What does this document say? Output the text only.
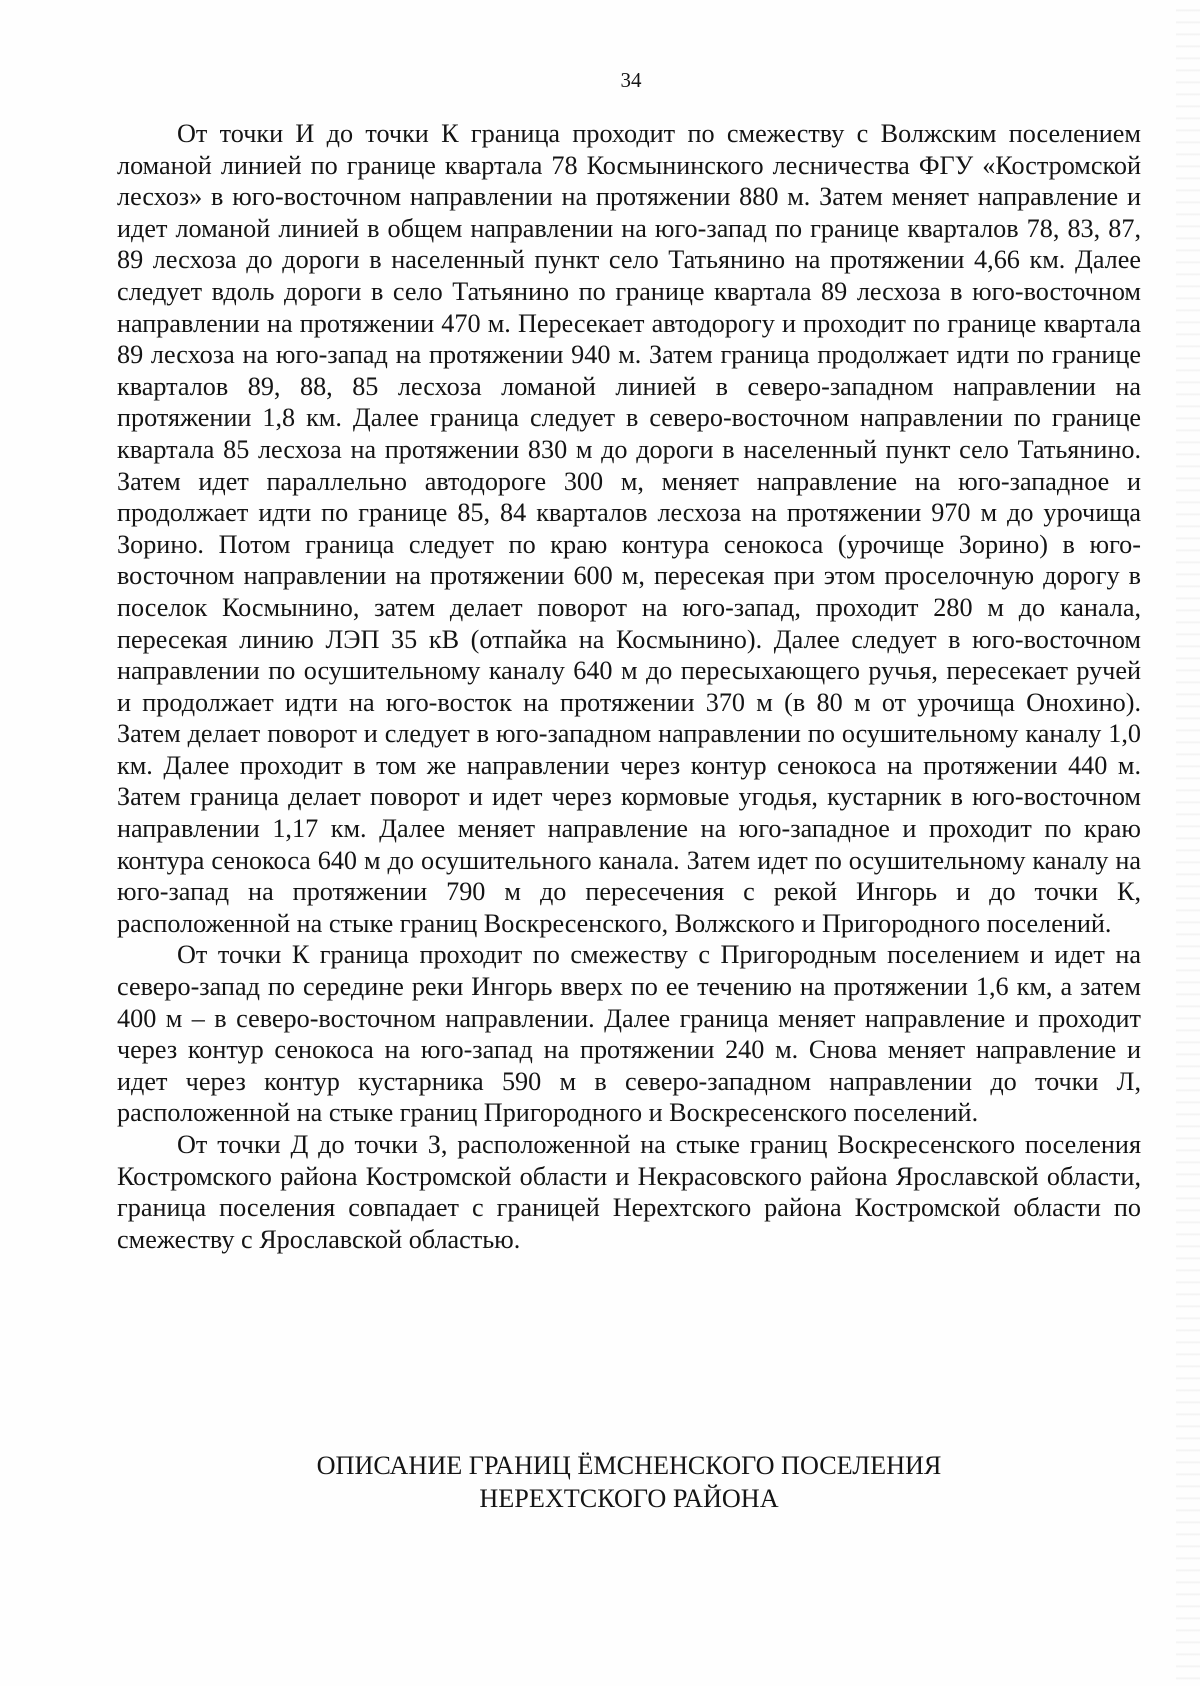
34

От точки И до точки К граница проходит по смежеству с Волжским поселением ломаной линией по границе квартала 78 Космынинского лесничества ФГУ «Костромской лесхоз» в юго-восточном направлении на протяжении 880 м. Затем меняет направление и идет ломаной линией в общем направлении на юго-запад по границе кварталов 78, 83, 87, 89 лесхоза до дороги в населенный пункт село Татьянино на протяжении 4,66 км. Далее следует вдоль дороги в село Татьянино по границе квартала 89 лесхоза в юго-восточном направлении на протяжении 470 м. Пересекает автодорогу и проходит по границе квартала 89 лесхоза на юго-запад на протяжении 940 м. Затем граница продолжает идти по границе кварталов 89, 88, 85 лесхоза ломаной линией в северо-западном направлении на протяжении 1,8 км. Далее граница следует в северо-восточном направлении по границе квартала 85 лесхоза на протяжении 830 м до дороги в населенный пункт село Татьянино. Затем идет параллельно автодороге 300 м, меняет направление на юго-западное и продолжает идти по границе 85, 84 кварталов лесхоза на протяжении 970 м до урочища Зорино. Потом граница следует по краю контура сенокоса (урочище Зорино) в юго-восточном направлении на протяжении 600 м, пересекая при этом проселочную дорогу в поселок Космынино, затем делает поворот на юго-запад, проходит 280 м до канала, пересекая линию ЛЭП 35 кВ (отпайка на Космынино). Далее следует в юго-восточном направлении по осушительному каналу 640 м до пересыхающего ручья, пересекает ручей и продолжает идти на юго-восток на протяжении 370 м (в 80 м от урочища Онохино). Затем делает поворот и следует в юго-западном направлении по осушительному каналу 1,0 км. Далее проходит в том же направлении через контур сенокоса на протяжении 440 м. Затем граница делает поворот и идет через кормовые угодья, кустарник в юго-восточном направлении 1,17 км. Далее меняет направление на юго-западное и проходит по краю контура сенокоса 640 м до осушительного канала. Затем идет по осушительному каналу на юго-запад на протяжении 790 м до пересечения с рекой Ингорь и до точки К, расположенной на стыке границ Воскресенского, Волжского и Пригородного поселений.

От точки К граница проходит по смежеству с Пригородным поселением и идет на северо-запад по середине реки Ингорь вверх по ее течению на протяжении 1,6 км, а затем 400 м – в северо-восточном направлении. Далее граница меняет направление и проходит через контур сенокоса на юго-запад на протяжении 240 м. Снова меняет направление и идет через контур кустарника 590 м в северо-западном направлении до точки Л, расположенной на стыке границ Пригородного и Воскресенского поселений.

От точки Д до точки З, расположенной на стыке границ Воскресенского поселения Костромского района Костромской области и Некрасовского района Ярославской области, граница поселения совпадает с границей Нерехтского района Костромской области по смежеству с Ярославской областью.

ОПИСАНИЕ ГРАНИЦ ЁМСНЕНСКОГО ПОСЕЛЕНИЯ
НЕРЕХТСКОГО РАЙОНА
